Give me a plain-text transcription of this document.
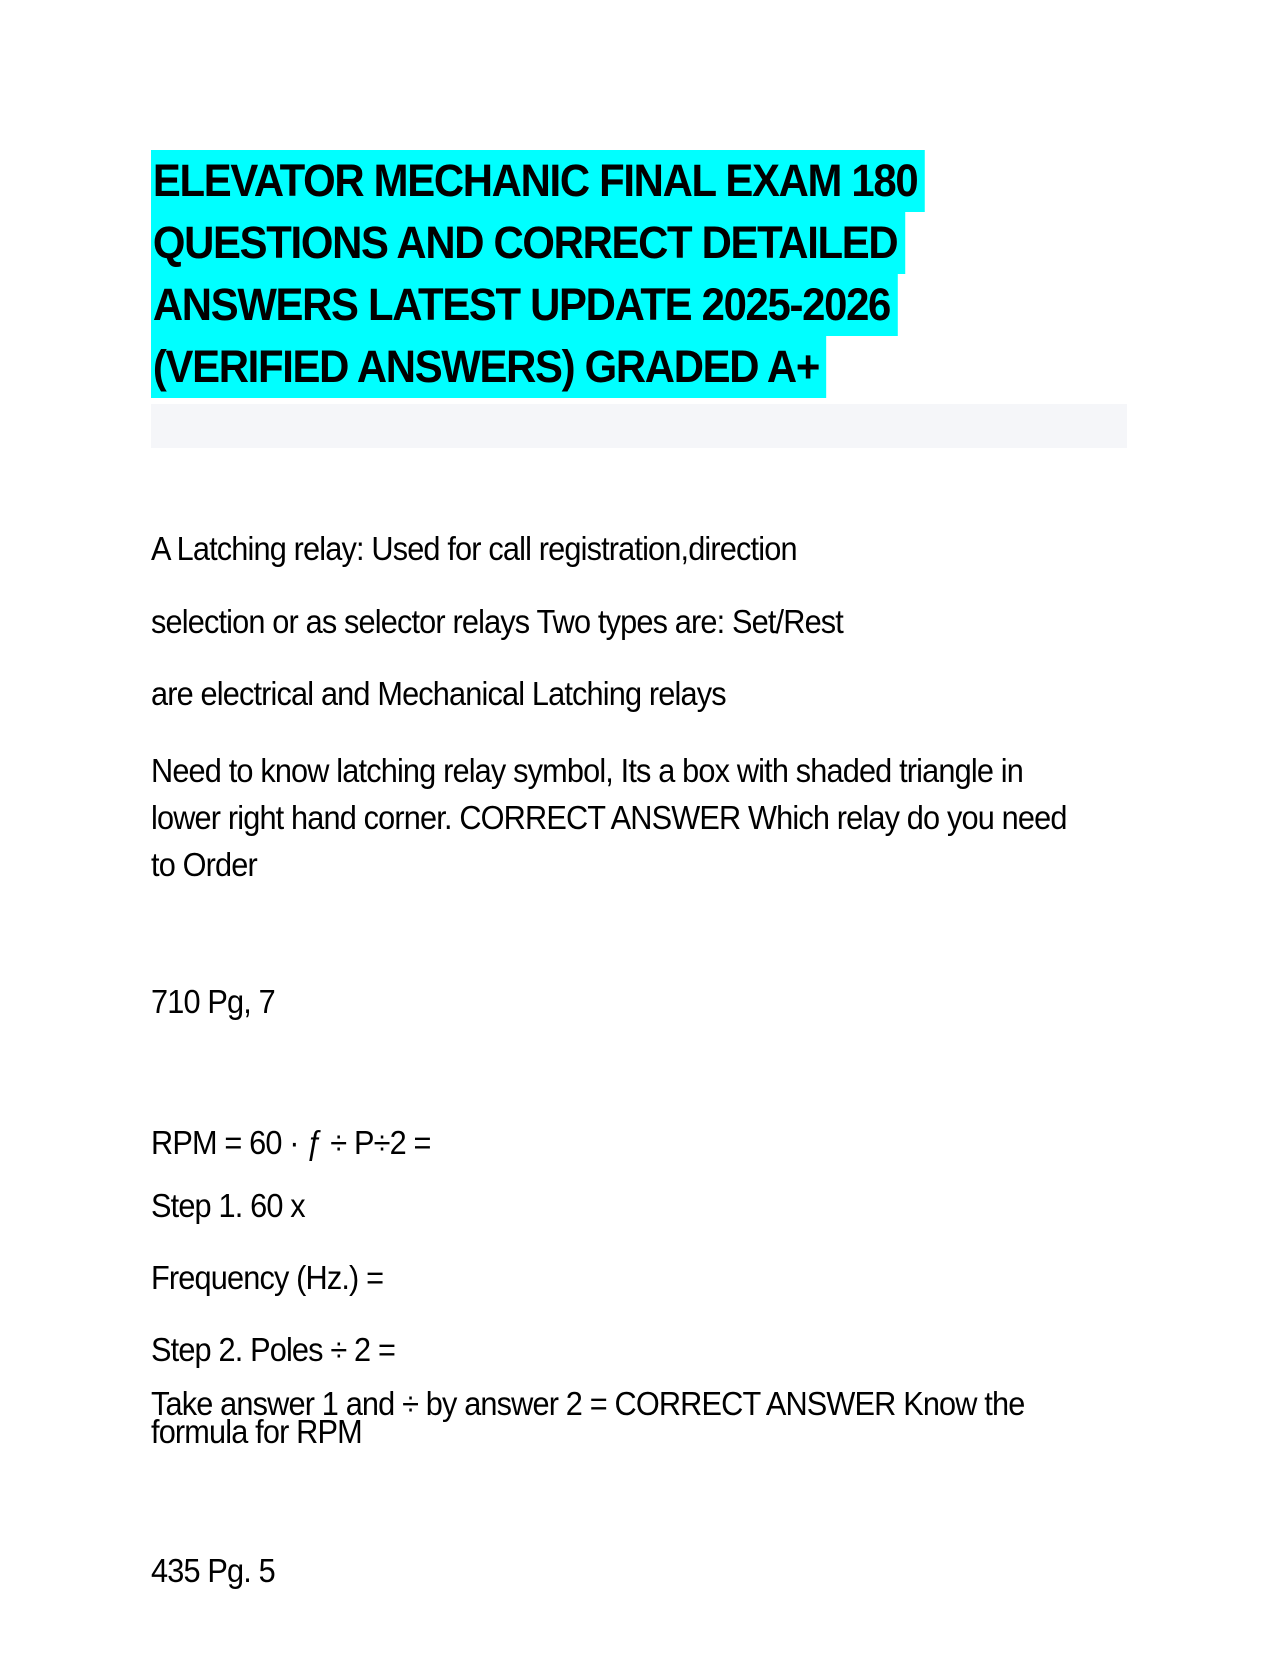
ELEVATOR MECHANIC FINAL EXAM 180
QUESTIONS AND CORRECT DETAILED
ANSWERS LATEST UPDATE 2025-2026
(VERIFIED ANSWERS) GRADED A+

A Latching relay: Used for call registration,direction

selection or as selector relays Two types are: Set/Rest

are electrical and Mechanical Latching relays

Need to know latching relay symbol, Its a box with shaded triangle in
lower right hand corner. CORRECT ANSWER Which relay do you need
to Order

710 Pg, 7

RPM = 60 · ƒ ÷ P÷2 =

Step 1. 60 x

Frequency (Hz.) =

Step 2. Poles ÷ 2 =

Take answer 1 and ÷ by answer 2 = CORRECT ANSWER Know the
formula for RPM

435 Pg. 5
